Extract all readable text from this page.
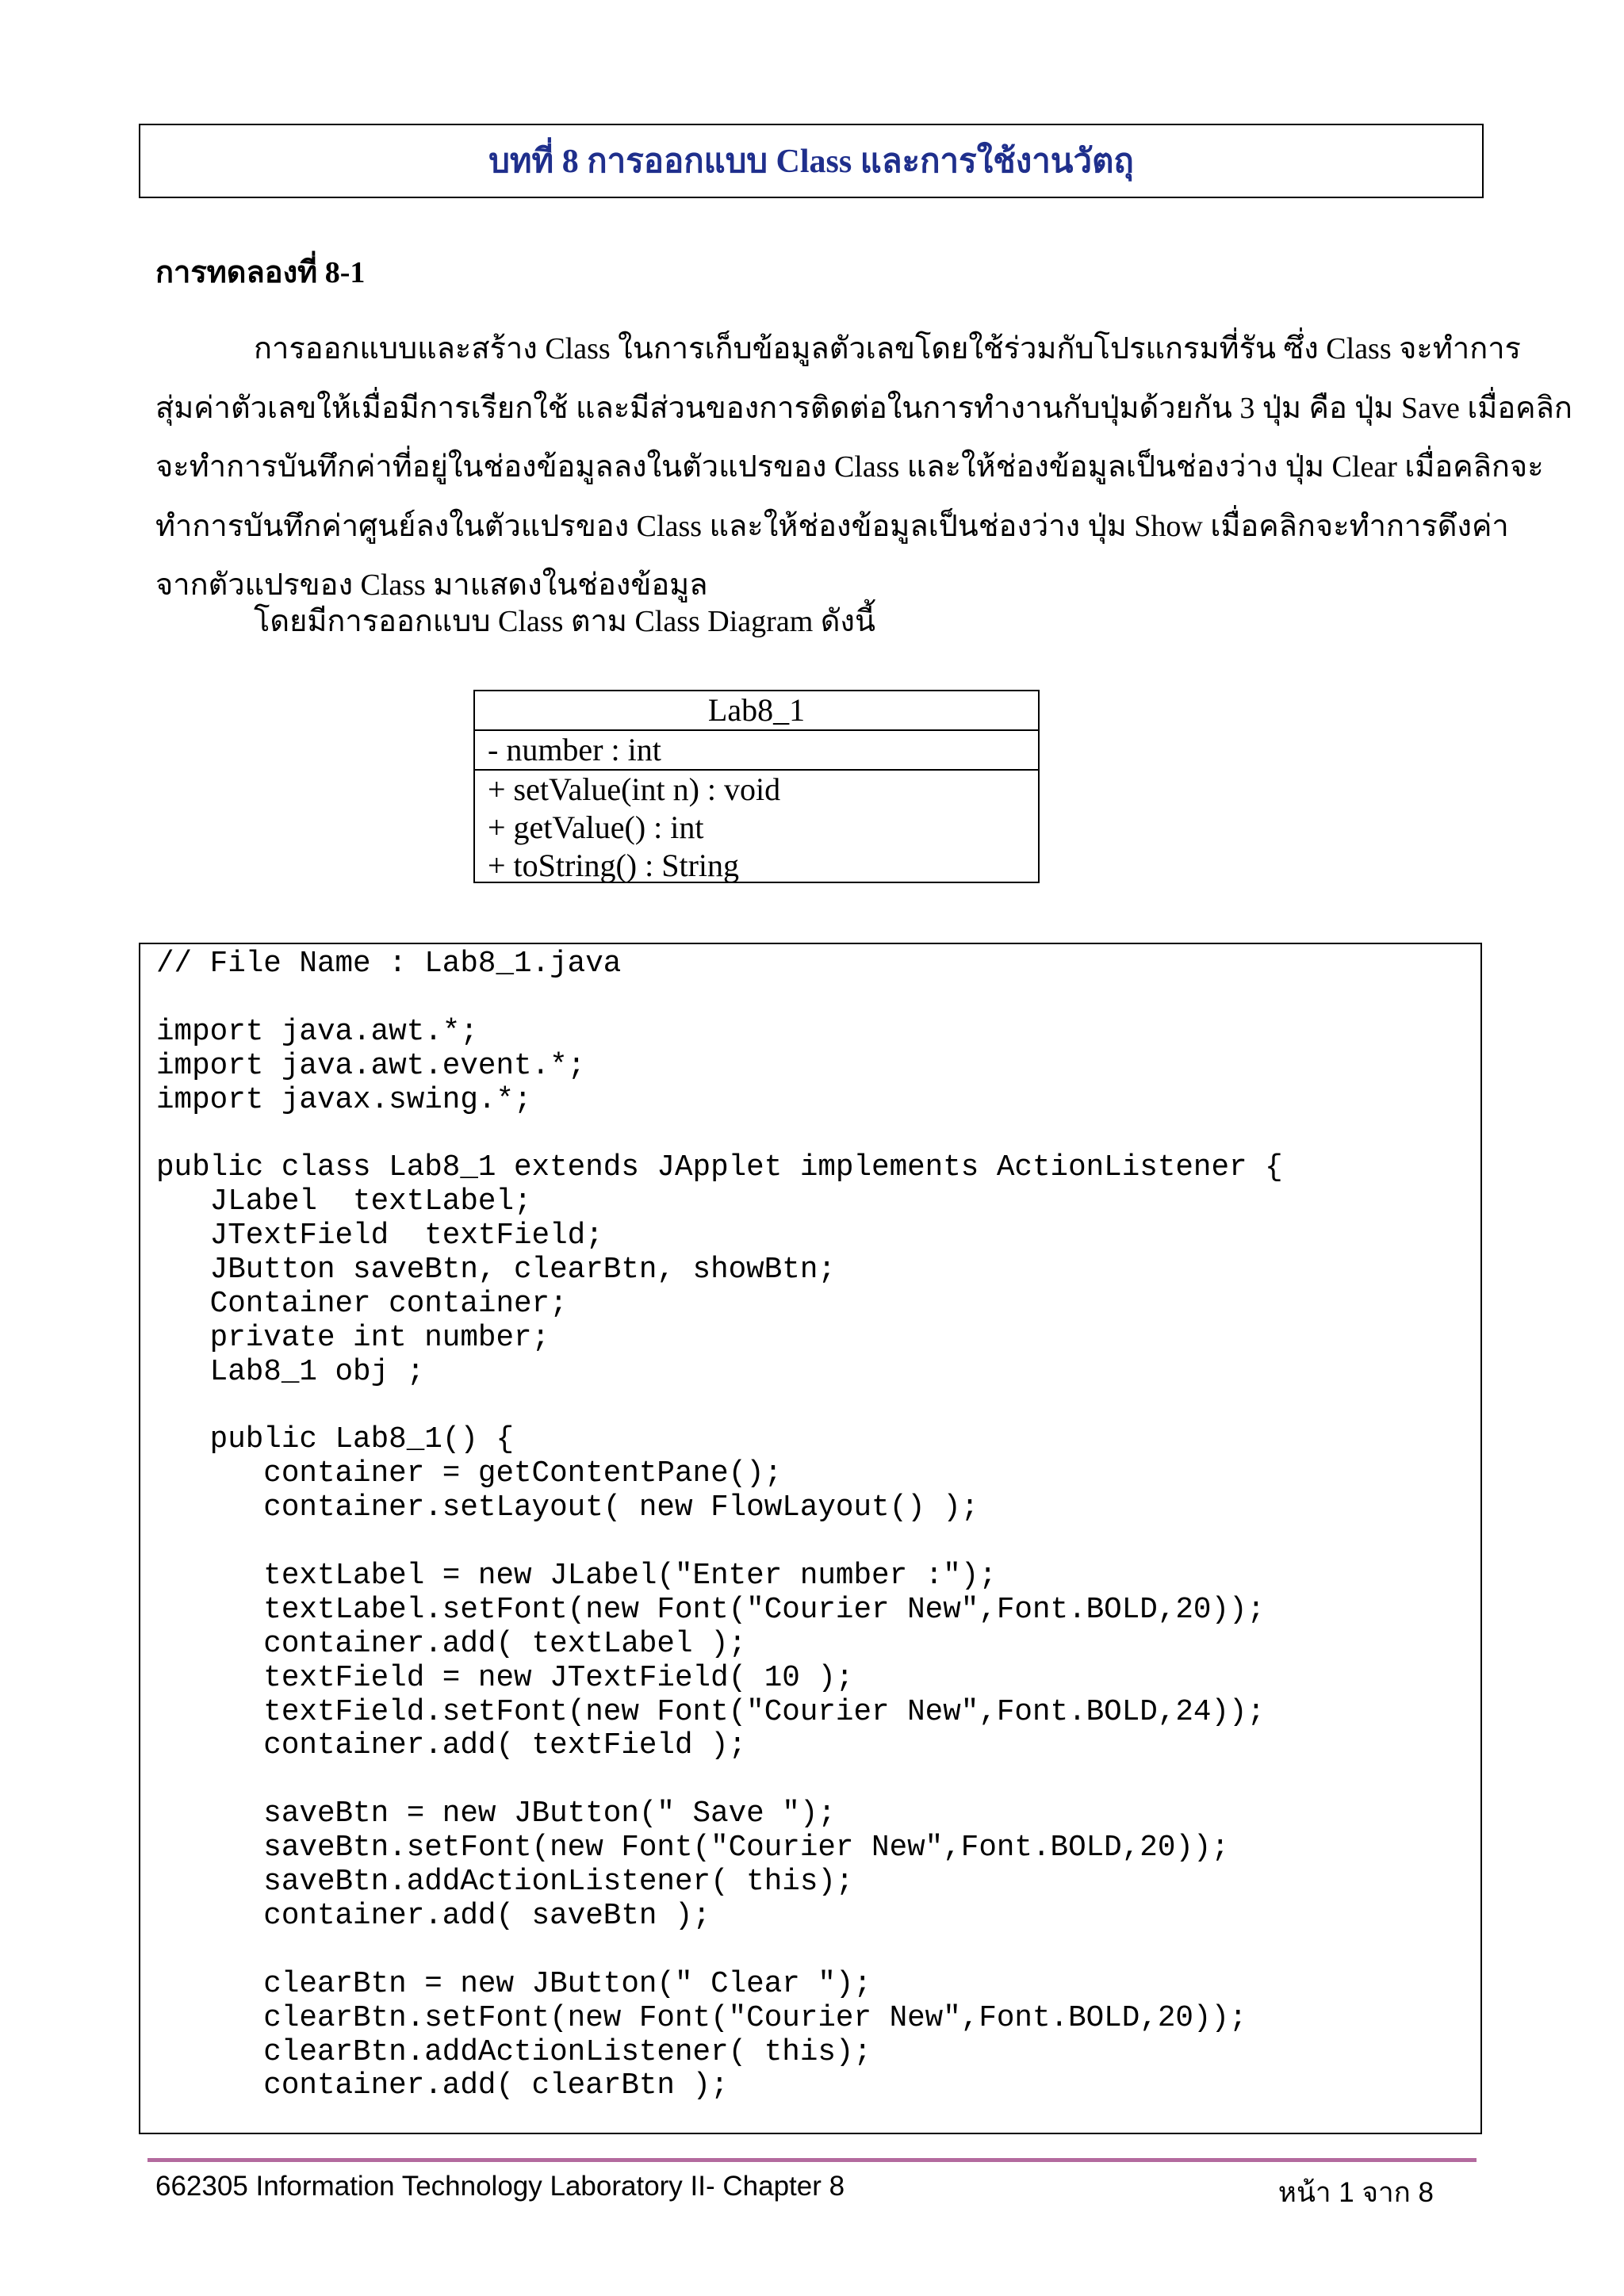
บทที่ 8 การออกแบบ Class และการใช้งานวัตถุ
การทดลองที่ 8-1
การออกแบบและสร้าง Class ในการเก็บข้อมูลตัวเลขโดยใช้ร่วมกับโปรแกรมที่รัน ซึ่ง Class จะทำการ
สุ่มค่าตัวเลขให้เมื่อมีการเรียกใช้ และมีส่วนของการติดต่อในการทำงานกับปุ่มด้วยกัน 3 ปุ่ม คือ ปุ่ม Save เมื่อคลิก
จะทำการบันทึกค่าที่อยู่ในช่องข้อมูลลงในตัวแปรของ Class และให้ช่องข้อมูลเป็นช่องว่าง ปุ่ม Clear เมื่อคลิกจะ
ทำการบันทึกค่าศูนย์ลงในตัวแปรของ Class และให้ช่องข้อมูลเป็นช่องว่าง ปุ่ม Show เมื่อคลิกจะทำการดึงค่า
จากตัวแปรของ Class มาแสดงในช่องข้อมูล
โดยมีการออกแบบ Class ตาม Class Diagram ดังนี้
Lab8_1
- number : int
+ setValue(int n) : void
+ getValue() : int
+ toString() : String
// File Name : Lab8_1.java
import java.awt.*;
import java.awt.event.*;
import javax.swing.*;
public class Lab8_1 extends JApplet implements ActionListener {
JLabel  textLabel;
JTextField  textField;
JButton saveBtn, clearBtn, showBtn;
Container container;
private int number;
Lab8_1 obj ;
public Lab8_1() {
container = getContentPane();
container.setLayout( new FlowLayout() );
textLabel = new JLabel("Enter number :");
textLabel.setFont(new Font("Courier New",Font.BOLD,20));
container.add( textLabel );
textField = new JTextField( 10 );
textField.setFont(new Font("Courier New",Font.BOLD,24));
container.add( textField );
saveBtn = new JButton(" Save ");
saveBtn.setFont(new Font("Courier New",Font.BOLD,20));
saveBtn.addActionListener( this);
container.add( saveBtn );
clearBtn = new JButton(" Clear ");
clearBtn.setFont(new Font("Courier New",Font.BOLD,20));
clearBtn.addActionListener( this);
container.add( clearBtn );
662305 Information Technology Laboratory II- Chapter 8	หน้า 1 จาก 8
